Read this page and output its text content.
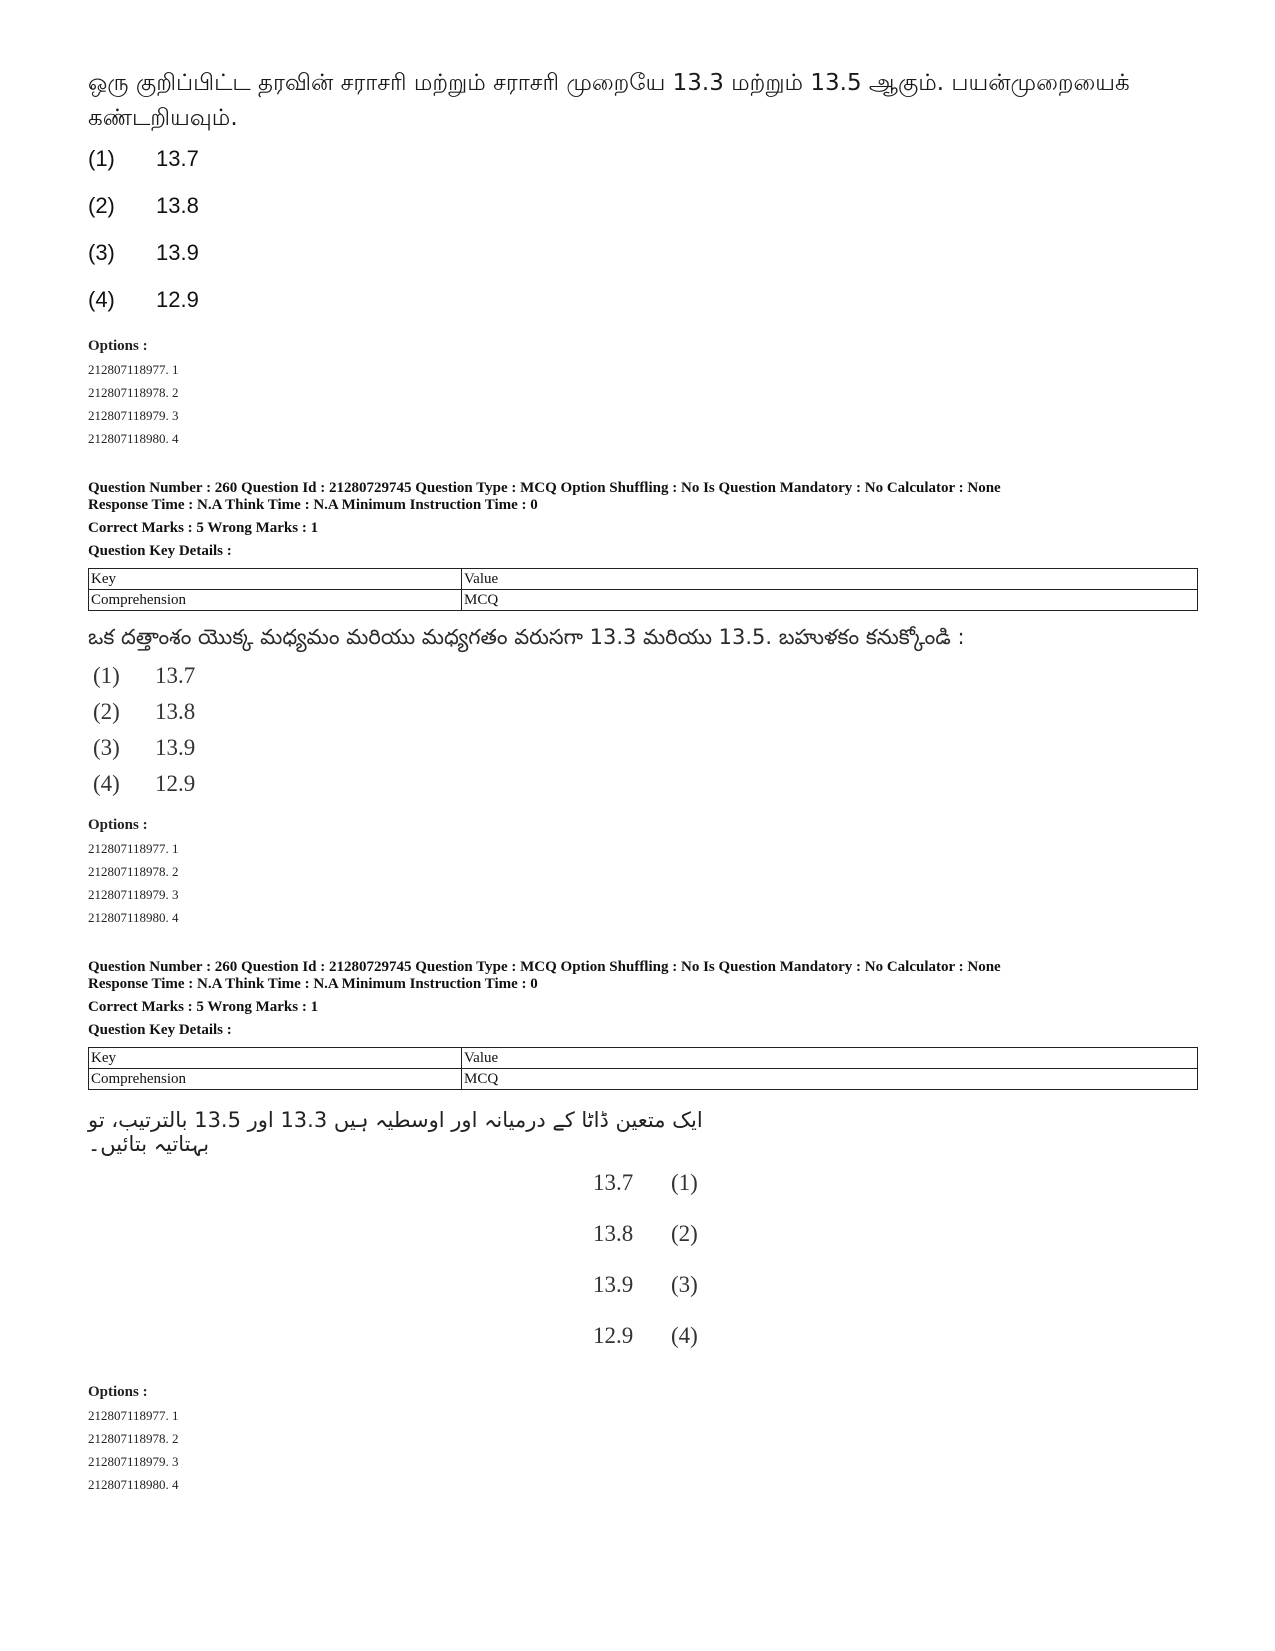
ஒரு குறிப்பிட்ட தரவின் சராசரி மற்றும் சராசரி முறையே 13.3 மற்றும் 13.5 ஆகும். பயன்முறையைக் கண்டறியவும்.
(1)	13.7
(2)	13.8
(3)	13.9
(4)	12.9
Options :
212807118977. 1
212807118978. 2
212807118979. 3
212807118980. 4
Question Number : 260 Question Id : 21280729745 Question Type : MCQ Option Shuffling : No Is Question Mandatory : No Calculator : None
Response Time : N.A Think Time : N.A Minimum Instruction Time : 0
Correct Marks : 5 Wrong Marks : 1
Question Key Details :
Key	Value
Comprehension	MCQ
ఒక దత్తాంశం యొక్క మధ్యమం మరియు మధ్యగతం వరుసగా 13.3 మరియు 13.5. బహుళకం కనుక్కోండి :
(1)	13.7
(2)	13.8
(3)	13.9
(4)	12.9
Options :
212807118977. 1
212807118978. 2
212807118979. 3
212807118980. 4
Question Number : 260 Question Id : 21280729745 Question Type : MCQ Option Shuffling : No Is Question Mandatory : No Calculator : None
Response Time : N.A Think Time : N.A Minimum Instruction Time : 0
Correct Marks : 5 Wrong Marks : 1
Question Key Details :
Key	Value
Comprehension	MCQ
ایک متعین ڈاٹا کے درمیانہ اور اوسطیہ ہیں 13.3 اور 13.5 بالترتیب، تو بہتاتیہ بتائیں۔
13.7	(1)
13.8	(2)
13.9	(3)
12.9	(4)
Options :
212807118977. 1
212807118978. 2
212807118979. 3
212807118980. 4
